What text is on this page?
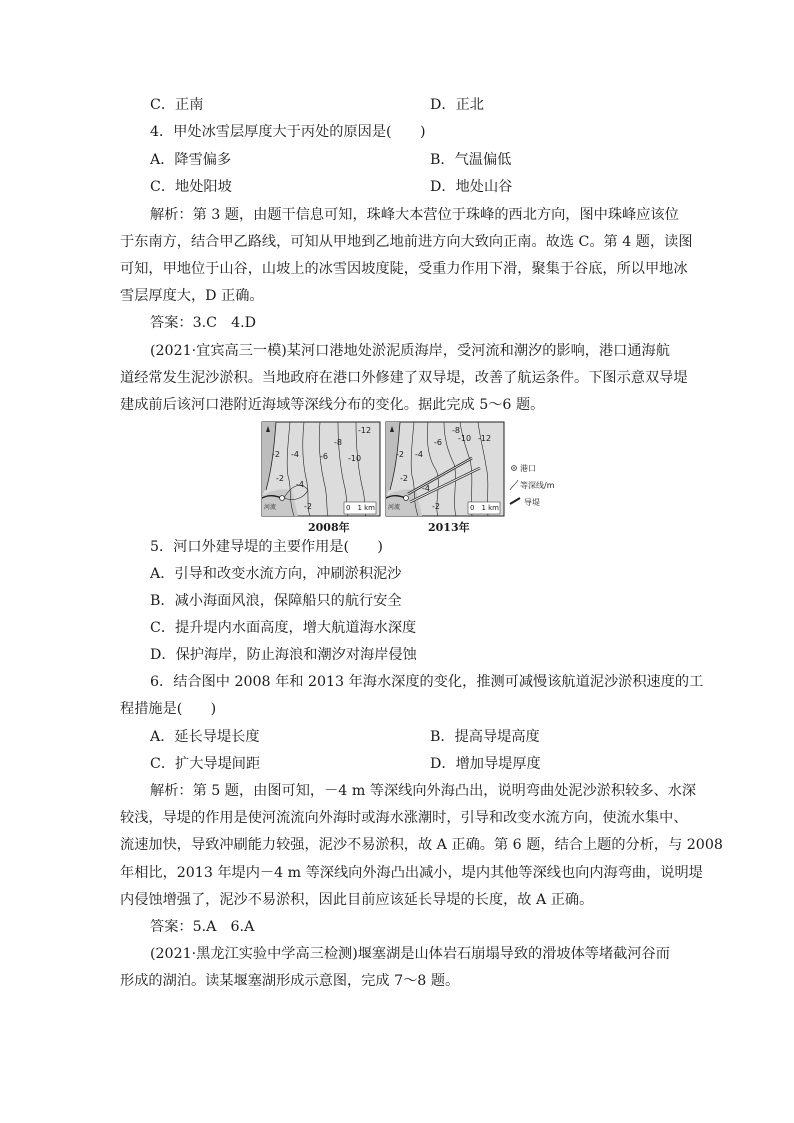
C．正南	D．正北
4．甲处冰雪层厚度大于丙处的原因是(　　)
A．降雪偏多	B．气温偏低
C．地处阳坡	D．地处山谷
解析：第 3 题，由题干信息可知，珠峰大本营位于珠峰的西北方向，图中珠峰应该位
于东南方，结合甲乙路线，可知从甲地到乙地前进方向大致向正南。故选 C。第 4 题，读图
可知，甲地位于山谷，山坡上的冰雪因坡度陡，受重力作用下滑，聚集于谷底，所以甲地冰
雪层厚度大，D 正确。
答案：3.C　4.D
(2021·宜宾高三一模)某河口港地处淤泥质海岸，受河流和潮汐的影响，港口通海航
道经常发生泥沙淤积。当地政府在港口外修建了双导堤，改善了航运条件。下图示意双导堤
建成前后该河口港附近海域等深线分布的变化。据此完成 5～6 题。
-2 -4	-6
-8
-10
-12
-4
-2
-2
河流	0　1 km
-2 -4
-6
-8
-10 -12
-4
-2
-2
河流	0　1 km
港口
等深线/m
导堤
2008年	2013年
5．河口外建导堤的主要作用是(　　)
A．引导和改变水流方向，冲刷淤积泥沙
B．减小海面风浪，保障船只的航行安全
C．提升堤内水面高度，增大航道海水深度
D．保护海岸，防止海浪和潮汐对海岸侵蚀
6．结合图中 2008 年和 2013 年海水深度的变化，推测可减慢该航道泥沙淤积速度的工
程措施是(　　)
A．延长导堤长度	B．提高导堤高度
C．扩大导堤间距	D．增加导堤厚度
解析：第 5 题，由图可知，－4 m 等深线向外海凸出，说明弯曲处泥沙淤积较多、水深
较浅，导堤的作用是使河流流向外海时或海水涨潮时，引导和改变水流方向，使流水集中、
流速加快，导致冲刷能力较强，泥沙不易淤积，故 A 正确。第 6 题，结合上题的分析，与 2008
年相比，2013 年堤内－4 m 等深线向外海凸出减小，堤内其他等深线也向内海弯曲，说明堤
内侵蚀增强了，泥沙不易淤积，因此目前应该延长导堤的长度，故 A 正确。
答案：5.A　6.A
(2021·黑龙江实验中学高三检测)堰塞湖是山体岩石崩塌导致的滑坡体等堵截河谷而
形成的湖泊。读某堰塞湖形成示意图，完成 7～8 题。
